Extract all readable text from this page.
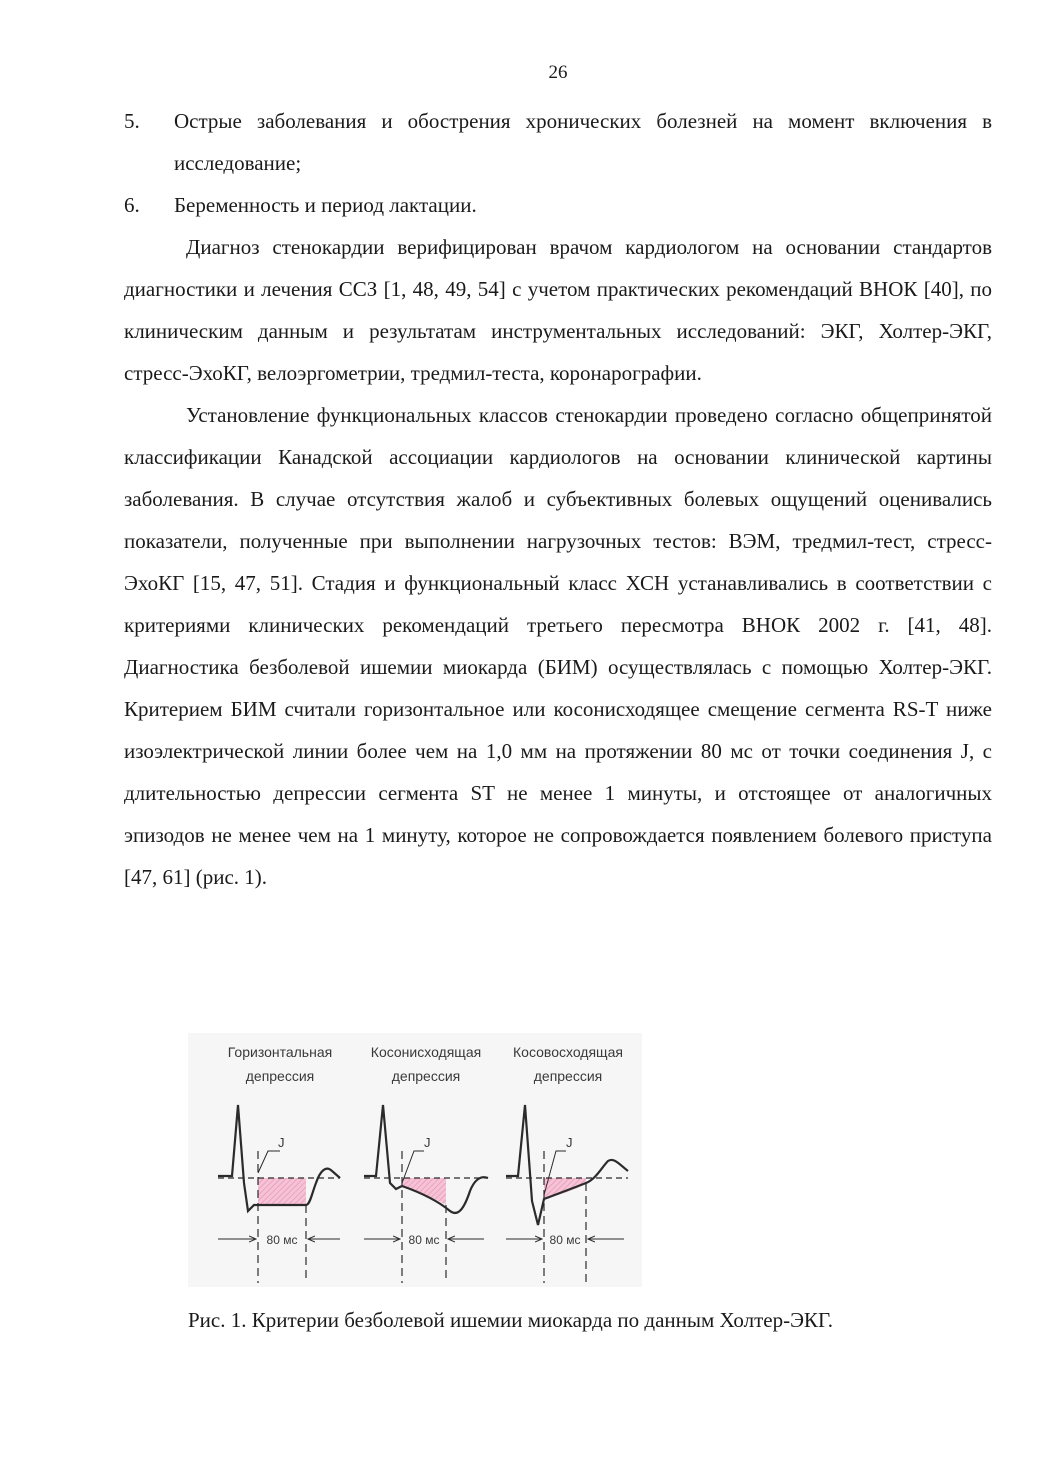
26
5.	Острые заболевания и обострения хронических болезней на момент включения в исследование;
6.	Беременность и период лактации.

Диагноз стенокардии верифицирован врачом кардиологом на основании стандартов диагностики и лечения ССЗ [1, 48, 49, 54] с учетом практических рекомендаций ВНОК [40], по клиническим данным и результатам инструментальных исследований: ЭКГ, Холтер-ЭКГ, стресс-ЭхоКГ, велоэргометрии, тредмил-теста, коронарографии.

Установление функциональных классов стенокардии проведено согласно общепринятой классификации Канадской ассоциации кардиологов на основании клинической картины заболевания. В случае отсутствия жалоб и субъективных болевых ощущений оценивались показатели, полученные при выполнении нагрузочных тестов: ВЭМ, тредмил-тест, стресс-ЭхоКГ [15, 47, 51]. Стадия и функциональный класс ХСН устанавливались в соответствии с критериями клинических рекомендаций третьего пересмотра ВНОК 2002 г. [41, 48]. Диагностика безболевой ишемии миокарда (БИМ) осуществлялась с помощью Холтер-ЭКГ. Критерием БИМ считали горизонтальное или косонисходящее смещение сегмента RS-T ниже изоэлектрической линии более чем на 1,0 мм на протяжении 80 мс от точки соединения J, с длительностью депрессии сегмента ST не менее 1 минуты, и отстоящее от аналогичных эпизодов не менее чем на 1 минуту, которое не сопровождается появлением болевого приступа [47, 61] (рис. 1).

Горизонтальная
депрессия
J
80 мс
Косонисходящая
депрессия
J
80 мс
Косовосходящая
депрессия
J
80 мс
Рис. 1. Критерии безболевой ишемии миокарда по данным Холтер-ЭКГ.
